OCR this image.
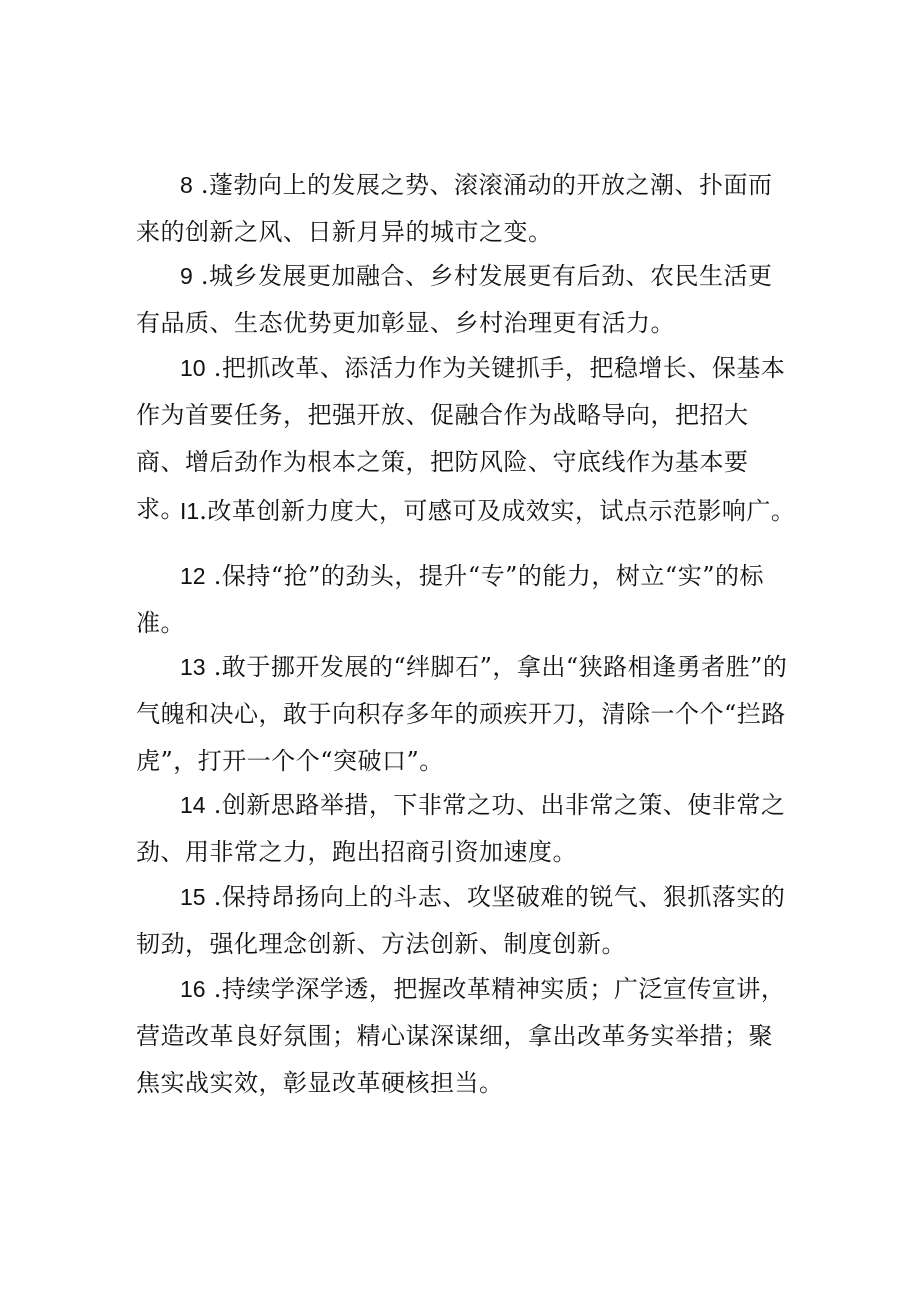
8 .蓬勃向上的发展之势、滚滚涌动的开放之潮、扑面而来的创新之风、日新月异的城市之变。

9 .城乡发展更加融合、乡村发展更有后劲、农民生活更有品质、生态优势更加彰显、乡村治理更有活力。

10 .把抓改革、添活力作为关键抓手，把稳增长、保基本作为首要任务，把强开放、促融合作为战略导向，把招大商、增后劲作为根本之策，把防风险、守底线作为基本要求。

I1.改革创新力度大，可感可及成效实，试点示范影响广。

12 .保持“抢”的劲头，提升“专”的能力，树立“实”的标准。

13 .敢于挪开发展的“绊脚石”，拿出“狭路相逢勇者胜”的气魄和决心，敢于向积存多年的顽疾开刀，清除一个个“拦路虎”，打开一个个“突破口”。

14 .创新思路举措，下非常之功、出非常之策、使非常之劲、用非常之力，跑出招商引资加速度。

15 .保持昂扬向上的斗志、攻坚破难的锐气、狠抓落实的韧劲，强化理念创新、方法创新、制度创新。

16 .持续学深学透，把握改革精神实质；广泛宣传宣讲，营造改革良好氛围；精心谋深谋细，拿出改革务实举措；聚焦实战实效，彰显改革硬核担当。
